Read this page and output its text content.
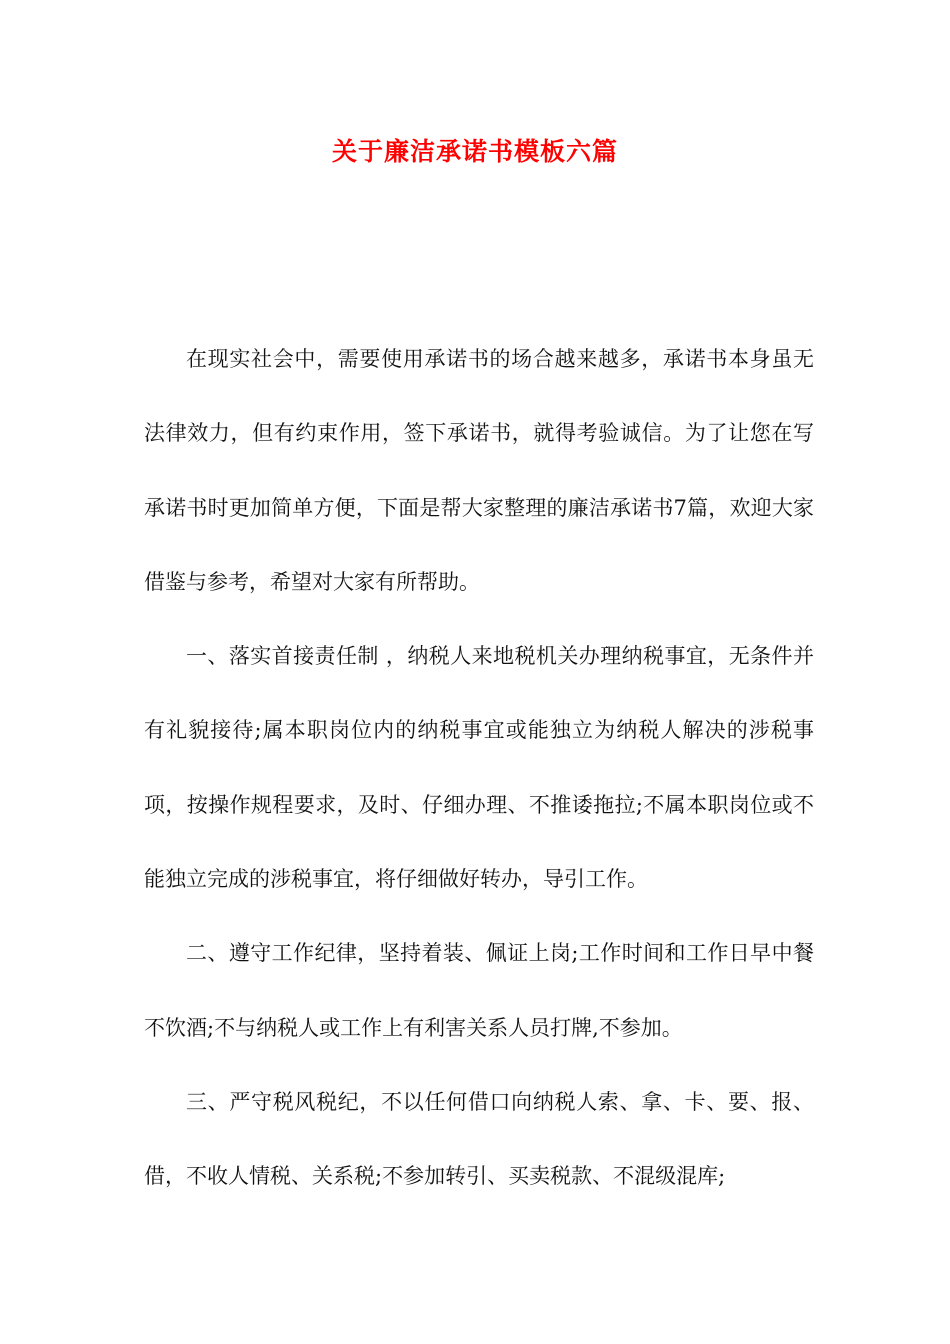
关于廉洁承诺书模板六篇

在现实社会中，需要使用承诺书的场合越来越多，承诺书本身虽无法律效力，但有约束作用，签下承诺书，就得考验诚信。为了让您在写承诺书时更加简单方便，下面是帮大家整理的廉洁承诺书7篇，欢迎大家借鉴与参考，希望对大家有所帮助。

一、落实首接责任制 ，纳税人来地税机关办理纳税事宜，无条件并有礼貌接待;属本职岗位内的纳税事宜或能独立为纳税人解决的涉税事项，按操作规程要求，及时、仔细办理、不推诿拖拉;不属本职岗位或不能独立完成的涉税事宜，将仔细做好转办，导引工作。

二、遵守工作纪律，坚持着装、佩证上岗;工作时间和工作日早中餐不饮酒;不与纳税人或工作上有利害关系人员打牌,不参加。

三、严守税风税纪，不以任何借口向纳税人索、拿、卡、要、报、借，不收人情税、关系税;不参加转引、买卖税款、不混级混库;
